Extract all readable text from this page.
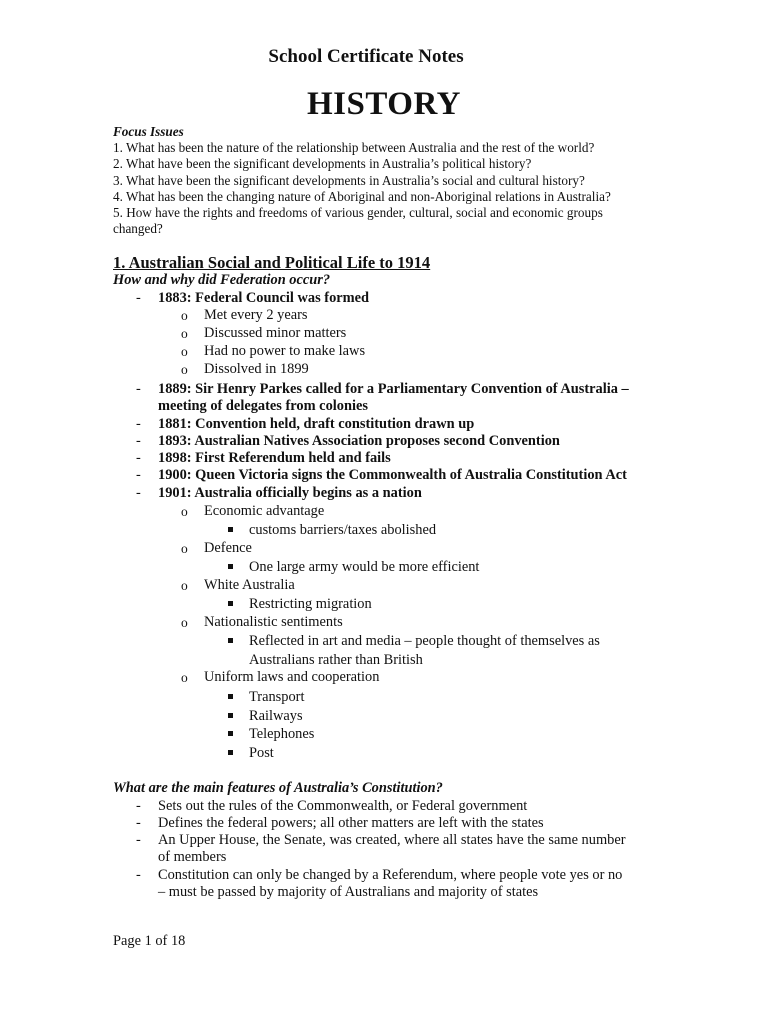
School Certificate Notes
HISTORY
Focus Issues
1. What has been the nature of the relationship between Australia and the rest of the world?
2. What have been the significant developments in Australia’s political history?
3. What have been the significant developments in Australia’s social and cultural history?
4. What has been the changing nature of Aboriginal and non-Aboriginal relations in Australia?
5. How have the rights and freedoms of various gender, cultural, social and economic groups
changed?
1. Australian Social and Political Life to 1914
How and why did Federation occur?
- 1883: Federal Council was formed
o Met every 2 years
o Discussed minor matters
o Had no power to make laws
o Dissolved in 1899
- 1889: Sir Henry Parkes called for a Parliamentary Convention of Australia –
meeting of delegates from colonies
- 1881: Convention held, draft constitution drawn up
- 1893: Australian Natives Association proposes second Convention
- 1898: First Referendum held and fails
- 1900: Queen Victoria signs the Commonwealth of Australia Constitution Act
- 1901: Australia officially begins as a nation
o Economic advantage
customs barriers/taxes abolished
o Defence
One large army would be more efficient
o White Australia
Restricting migration
o Nationalistic sentiments
Reflected in art and media – people thought of themselves as
Australians rather than British
o Uniform laws and cooperation
Transport
Railways
Telephones
Post
What are the main features of Australia’s Constitution?
- Sets out the rules of the Commonwealth, or Federal government
- Defines the federal powers; all other matters are left with the states
- An Upper House, the Senate, was created, where all states have the same number
of members
- Constitution can only be changed by a Referendum, where people vote yes or no
– must be passed by majority of Australians and majority of states
Page 1 of 18
